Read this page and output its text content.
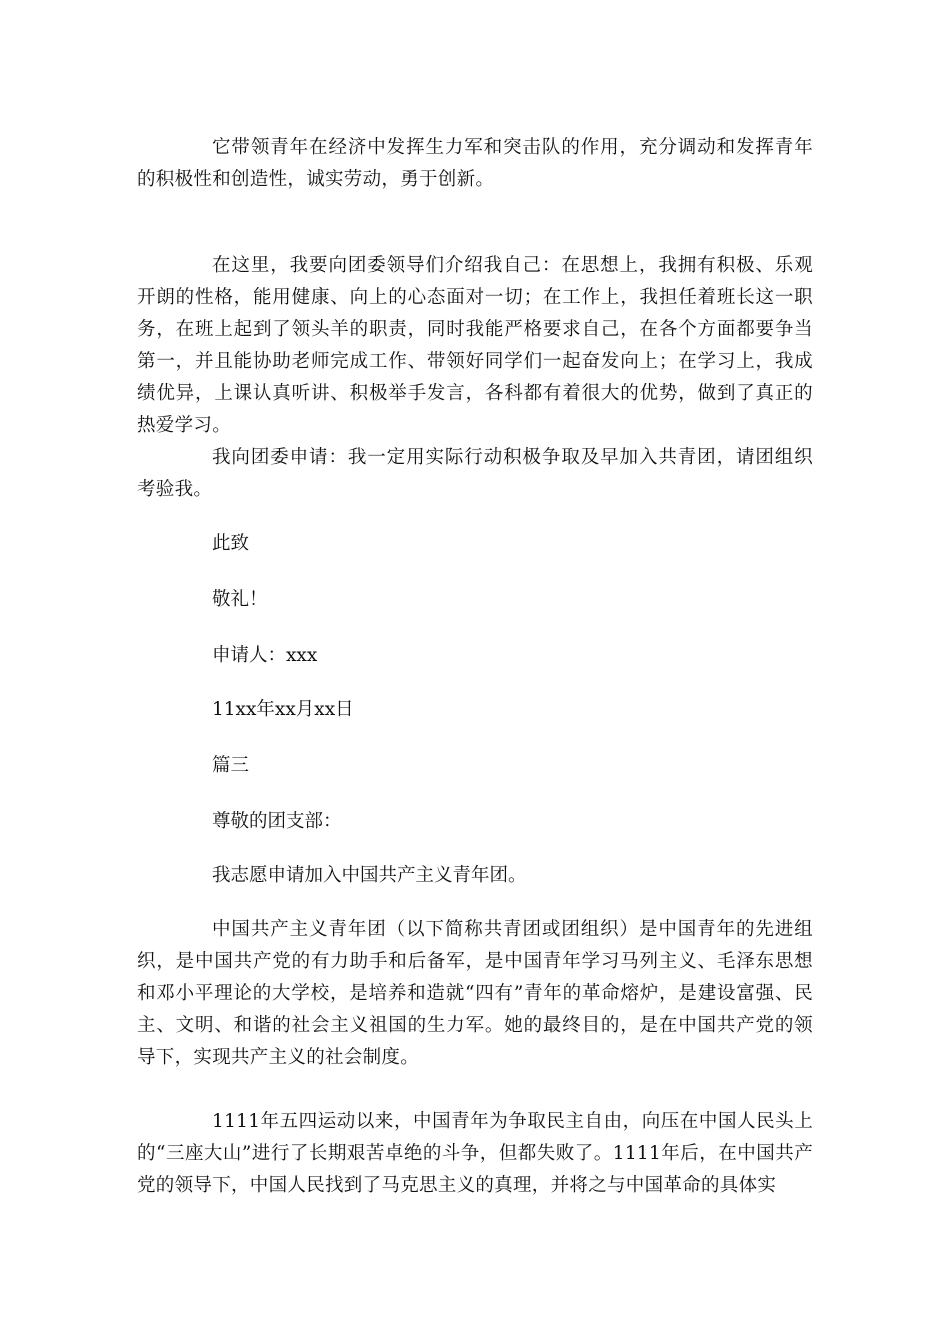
它带领青年在经济中发挥生力军和突击队的作用，充分调动和发挥青年的积极性和创造性，诚实劳动，勇于创新。

在这里，我要向团委领导们介绍我自己：在思想上，我拥有积极、乐观开朗的性格，能用健康、向上的心态面对一切；在工作上，我担任着班长这一职务，在班上起到了领头羊的职责，同时我能严格要求自己，在各个方面都要争当第一，并且能协助老师完成工作、带领好同学们一起奋发向上；在学习上，我成绩优异，上课认真听讲、积极举手发言，各科都有着很大的优势，做到了真正的热爱学习。

我向团委申请：我一定用实际行动积极争取及早加入共青团，请团组织考验我。

此致

敬礼！

申请人：xxx

11xx年xx月xx日

篇三

尊敬的团支部：

我志愿申请加入中国共产主义青年团。

中国共产主义青年团（以下简称共青团或团组织）是中国青年的先进组织，是中国共产党的有力助手和后备军，是中国青年学习马列主义、毛泽东思想和邓小平理论的大学校，是培养和造就“四有”青年的革命熔炉，是建设富强、民主、文明、和谐的社会主义祖国的生力军。她的最终目的，是在中国共产党的领导下，实现共产主义的社会制度。

1111年五四运动以来，中国青年为争取民主自由，向压在中国人民头上的“三座大山”进行了长期艰苦卓绝的斗争，但都失败了。1111年后，在中国共产党的领导下，中国人民找到了马克思主义的真理，并将之与中国革命的具体实
